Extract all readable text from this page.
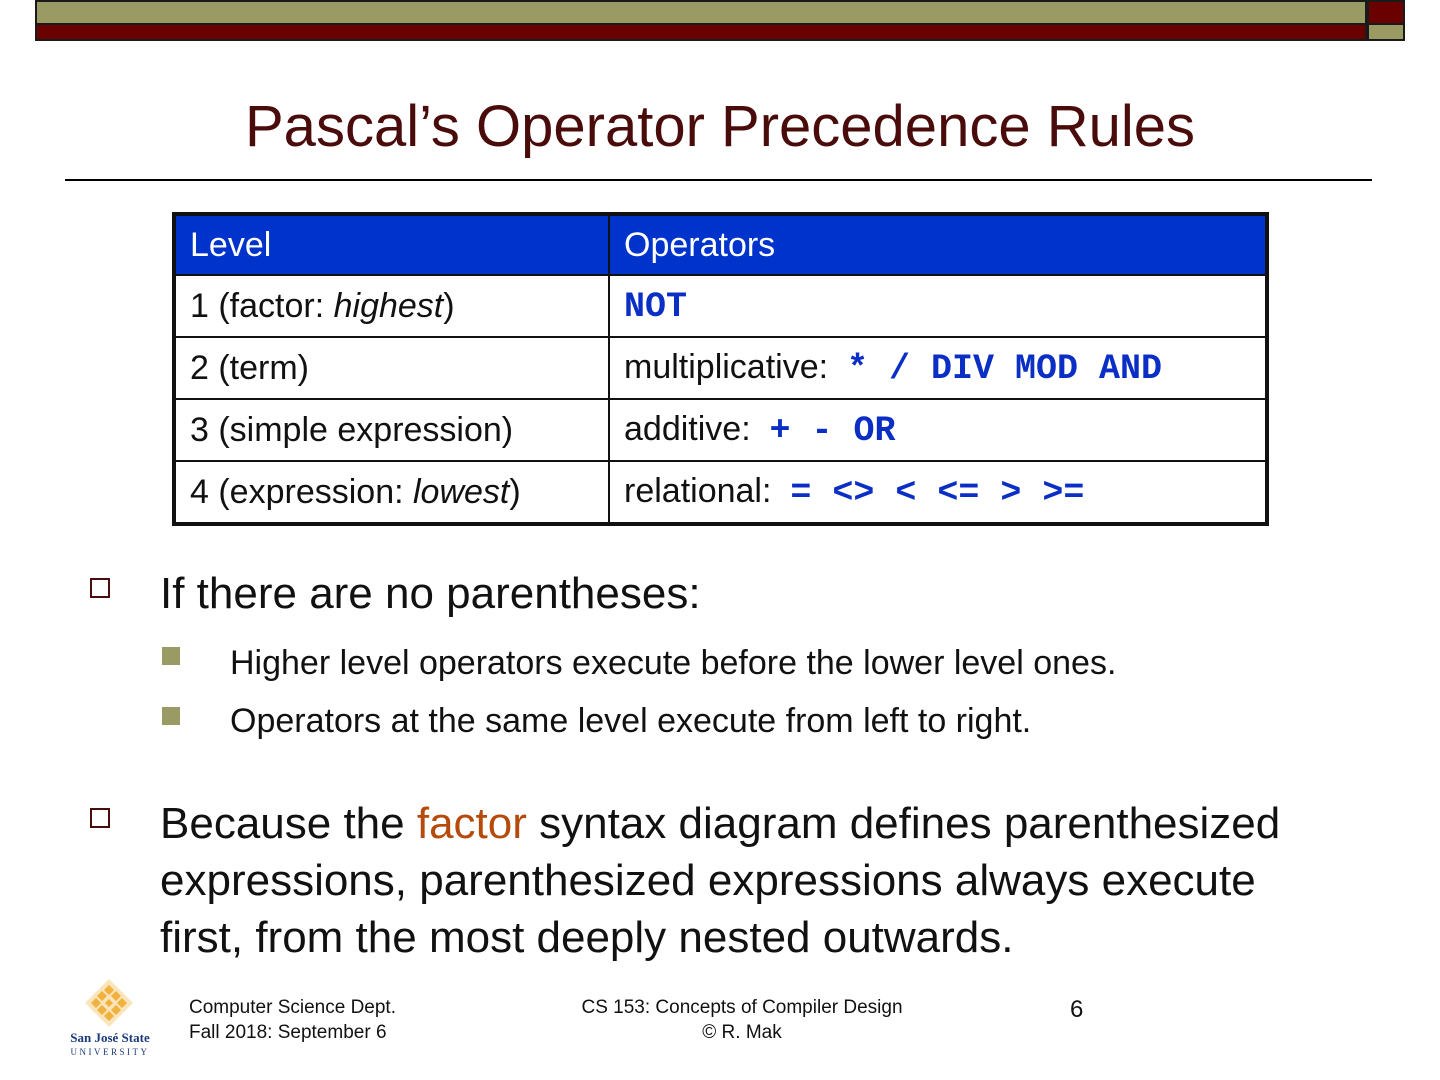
Pascal’s Operator Precedence Rules
Level	Operators
1 (factor: highest)	NOT
2 (term)	multiplicative:  * / DIV MOD AND
3 (simple expression)	additive:  + - OR
4 (expression: lowest)	relational:  = <> < <= > >=
If there are no parentheses:
Higher level operators execute before the lower level ones.
Operators at the same level execute from left to right.
Because the factor syntax diagram defines parenthesized
expressions, parenthesized expressions always execute
first, from the most deeply nested outwards.
San José State
UNIVERSITY
Computer Science Dept.
Fall 2018: September 6
CS 153: Concepts of Compiler Design
© R. Mak
6
